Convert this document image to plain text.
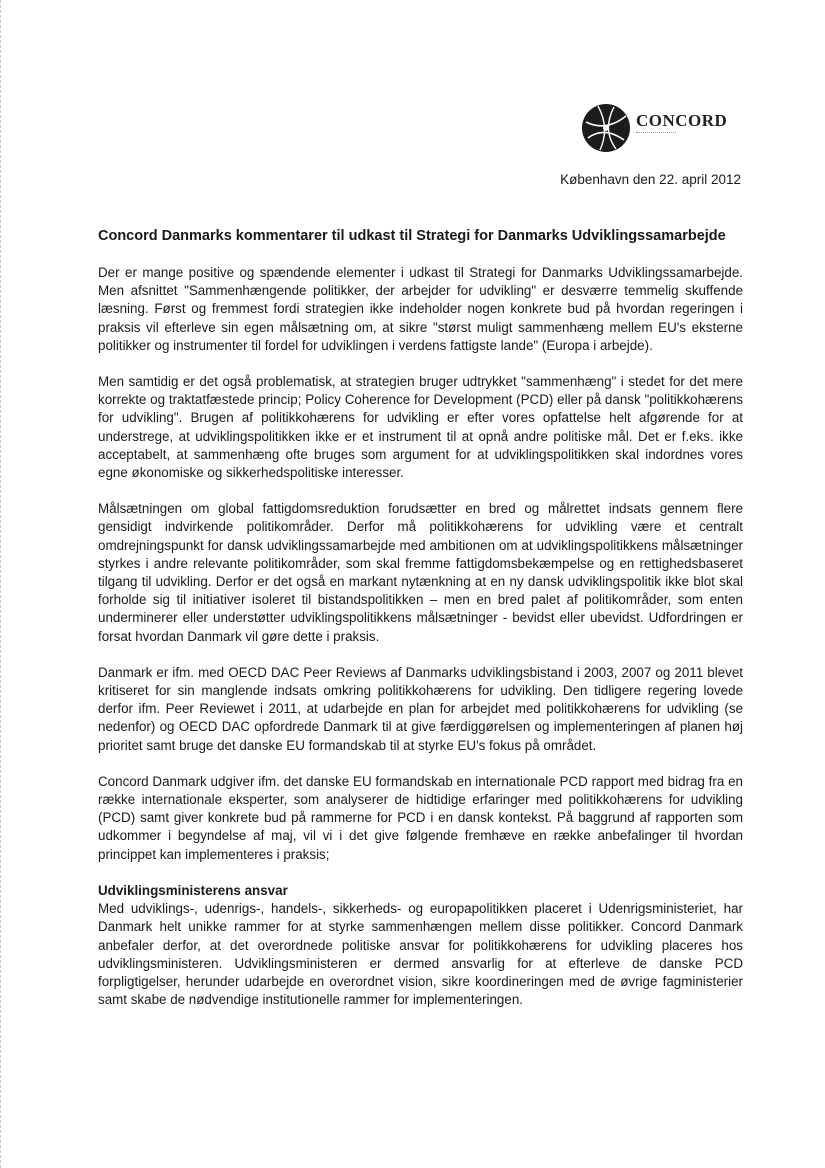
CONCORD
København den 22. april 2012
Concord Danmarks kommentarer til udkast til Strategi for Danmarks Udviklingssamarbejde

Der er mange positive og spændende elementer i udkast til Strategi for Danmarks Udviklingssamarbejde. Men afsnittet "Sammenhængende politikker, der arbejder for udvikling" er desværre temmelig skuffende læsning. Først og fremmest fordi strategien ikke indeholder nogen konkrete bud på hvordan regeringen i praksis vil efterleve sin egen målsætning om, at sikre "størst muligt sammenhæng mellem EU's eksterne politikker og instrumenter til fordel for udviklingen i verdens fattigste lande" (Europa i arbejde).

Men samtidig er det også problematisk, at strategien bruger udtrykket "sammenhæng" i stedet for det mere korrekte og traktatfæstede princip; Policy Coherence for Development (PCD) eller på dansk "politikkohærens for udvikling". Brugen af politikkohærens for udvikling er efter vores opfattelse helt afgørende for at understrege, at udviklingspolitikken ikke er et instrument til at opnå andre politiske mål. Det er f.eks. ikke acceptabelt, at sammenhæng ofte bruges som argument for at udviklingspolitikken skal indordnes vores egne økonomiske og sikkerhedspolitiske interesser.

Målsætningen om global fattigdomsreduktion forudsætter en bred og målrettet indsats gennem flere gensidigt indvirkende politikområder. Derfor må politikkohærens for udvikling være et centralt omdrejningspunkt for dansk udviklingssamarbejde med ambitionen om at udviklingspolitikkens målsætninger styrkes i andre relevante politikområder, som skal fremme fattigdomsbekæmpelse og en rettighedsbaseret tilgang til udvikling. Derfor er det også en markant nytænkning at en ny dansk udviklingspolitik ikke blot skal forholde sig til initiativer isoleret til bistandspolitikken – men en bred palet af politikområder, som enten underminerer eller understøtter udviklingspolitikkens målsætninger - bevidst eller ubevidst. Udfordringen er forsat hvordan Danmark vil gøre dette i praksis.

Danmark er ifm. med OECD DAC Peer Reviews af Danmarks udviklingsbistand i 2003, 2007 og 2011 blevet kritiseret for sin manglende indsats omkring politikkohærens for udvikling. Den tidligere regering lovede derfor ifm. Peer Reviewet i 2011, at udarbejde en plan for arbejdet med politikkohærens for udvikling (se nedenfor) og OECD DAC opfordrede Danmark til at give færdiggørelsen og implementeringen af planen høj prioritet samt bruge det danske EU formandskab til at styrke EU's fokus på området.

Concord Danmark udgiver ifm. det danske EU formandskab en internationale PCD rapport med bidrag fra en række internationale eksperter, som analyserer de hidtidige erfaringer med politikkohærens for udvikling (PCD) samt giver konkrete bud på rammerne for PCD i en dansk kontekst. På baggrund af rapporten som udkommer i begyndelse af maj, vil vi i det give følgende fremhæve en række anbefalinger til hvordan princippet kan implementeres i praksis;

Udviklingsministerens ansvar

Med udviklings-, udenrigs-, handels-, sikkerheds- og europapolitikken placeret i Udenrigsministeriet, har Danmark helt unikke rammer for at styrke sammenhængen mellem disse politikker. Concord Danmark anbefaler derfor, at det overordnede politiske ansvar for politikkohærens for udvikling placeres hos udviklingsministeren. Udviklingsministeren er dermed ansvarlig for at efterleve de danske PCD forpligtigelser, herunder udarbejde en overordnet vision, sikre koordineringen med de øvrige fagministerier samt skabe de nødvendige institutionelle rammer for implementeringen.
